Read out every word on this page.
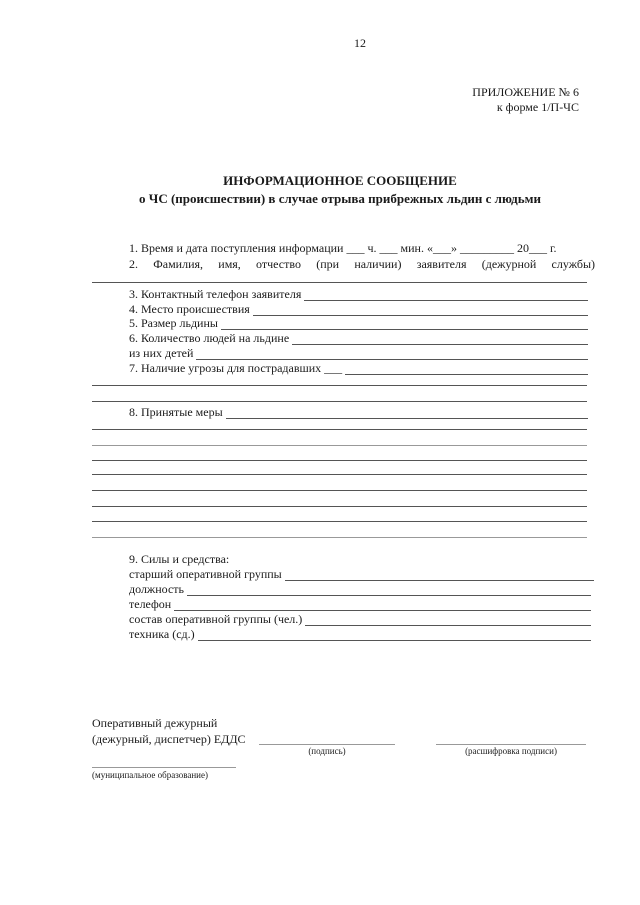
12
ПРИЛОЖЕНИЕ № 6
к форме 1/П-ЧС
ИНФОРМАЦИОННОЕ СООБЩЕНИЕ
о ЧС (происшествии) в случае отрыва прибрежных льдин с людьми
1. Время и дата поступления информации ___ ч. ___ мин. «___» _________ 20___ г.
2. Фамилия, имя, отчество (при наличии) заявителя (дежурной службы)
3. Контактный телефон заявителя
4. Место происшествия
5. Размер льдины
6. Количество людей на льдине
из них детей
7. Наличие угрозы для пострадавших ___
8. Принятые меры
9. Силы и средства:
старший оперативной группы
должность
телефон
состав оперативной группы (чел.)
техника (сд.)
Оперативный дежурный
(дежурный, диспетчер) ЕДДС
(подпись)	(расшифровка подписи)
(муниципальное образование)
